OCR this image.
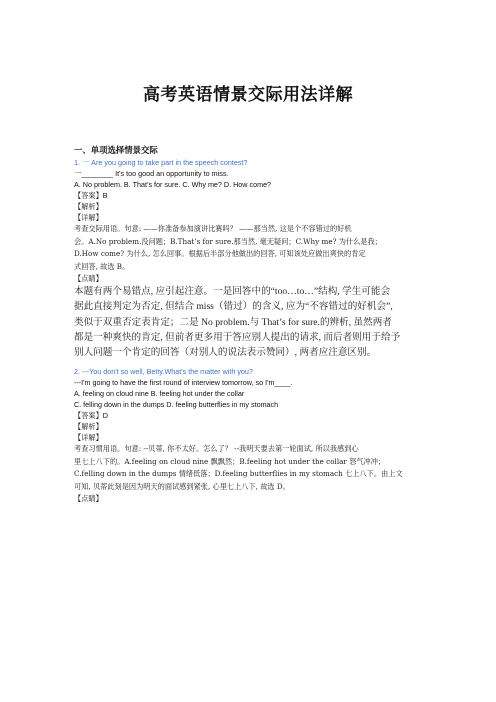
高考英语情景交际用法详解
一、单项选择情景交际
1. 一 Are you going to take part in the speech contest?
一________ It's too good an opportunity to miss.
A. No problem. B. That’s for sure. C. Why me? D. How come?
【答案】B
【解析】
【详解】
考查交际用语。句意: ——你准备参加演讲比赛吗？ ——那当然, 这是个不容错过的好机
会。A.No problem.没问题；B.That’s for sure.那当然, 毫无疑问；C.Why me? 为什么是我；
D.How come? 为什么, 怎么回事。根据后半部分他做出的回答, 可知该处应做出爽快的肯定
式回答, 故选 B。
【点睛】
本题有两个易错点, 应引起注意。一是回答中的“too…to…”结构, 学生可能会
据此直接判定为否定, 但结合 miss（错过）的含义, 应为“不容错过的好机会”,
类似于双重否定表肯定；二是 No problem.与 That’s for sure.的辨析, 虽然两者
都是一种爽快的肯定, 但前者更多用于答应别人提出的请求, 而后者则用于给予
别人问题一个肯定的回答（对别人的说法表示赞同）, 两者应注意区别。
2. ---You don't so well, Betty.What's the matter with you?
---I'm going to have the first round of interview tomorrow, so I'm____.
A. feeling on cloud nine B. feeling hot under the collar
C. felling down in the dumps D. feeling butterflies in my stomach
【答案】D
【解析】
【详解】
考查习惯用语。句意: --贝蒂, 你不太好。怎么了？ --我明天要去第一轮面试, 所以我感到心
里七上八下的。A.feeling on cloud nine 飘飘然；B.feeling hot under the collar 怒气冲冲；
C.felling down in the dumps 情绪低落；D.feeling butterflies in my stomach 七上八下。由上文
可知, 贝蒂此刻是因为明天的面试感到紧张, 心里七上八下, 故选 D。
【点睛】
